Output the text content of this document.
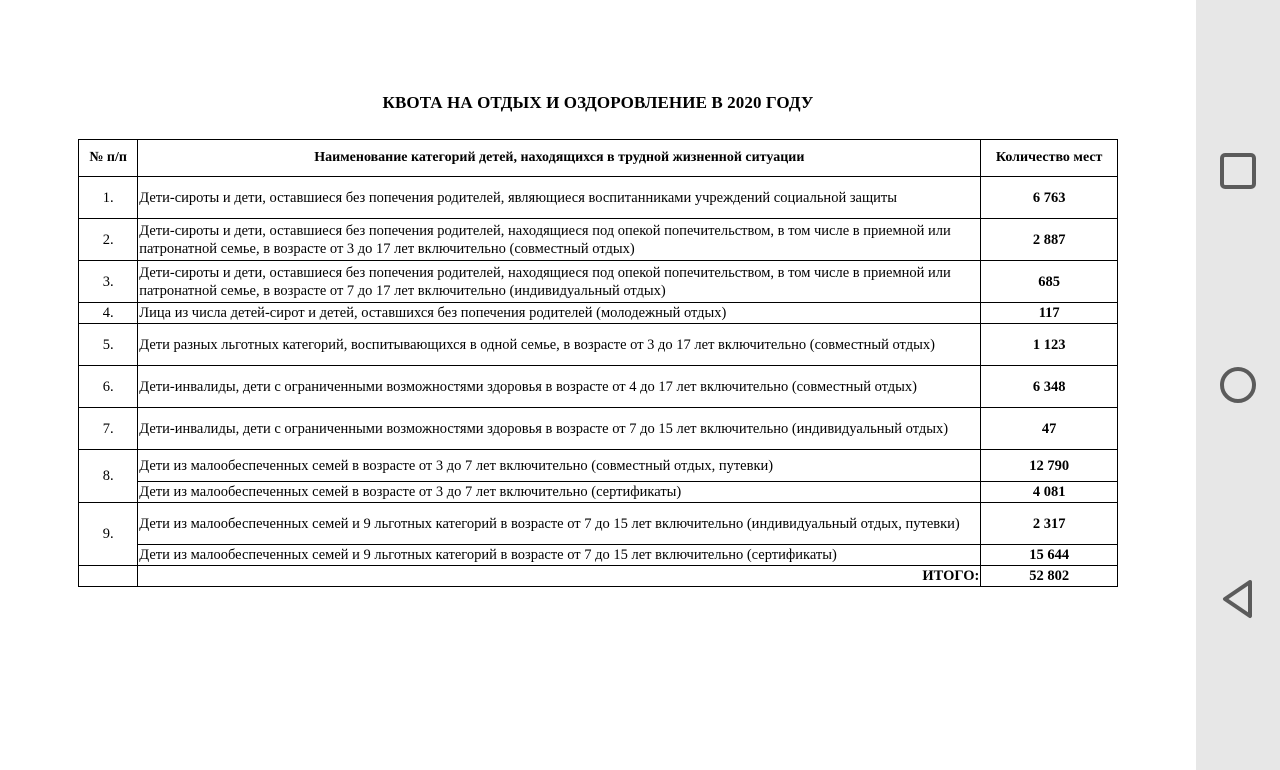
КВОТА НА ОТДЫХ И ОЗДОРОВЛЕНИЕ В 2020 ГОДУ
№ п/п	Наименование категорий детей, находящихся в трудной жизненной ситуации	Количество мест
1.	Дети-сироты и дети, оставшиеся без попечения родителей, являющиеся воспитанниками учреждений социальной защиты	6 763
2.	Дети-сироты и дети, оставшиеся без попечения родителей, находящиеся под опекой попечительством, в том числе в приемной или патронатной семье, в возрасте от 3 до 17 лет включительно (совместный отдых)	2 887
3.	Дети-сироты и дети, оставшиеся без попечения родителей, находящиеся под опекой попечительством, в том числе в приемной или патронатной семье, в возрасте от 7 до 17 лет включительно (индивидуальный отдых)	685
4.	Лица из числа детей-сирот и детей, оставшихся без попечения родителей (молодежный отдых)	117
5.	Дети разных льготных категорий, воспитывающихся в одной семье, в возрасте от 3 до 17 лет включительно (совместный отдых)	1 123
6.	Дети-инвалиды, дети с ограниченными возможностями здоровья в возрасте от 4 до 17 лет включительно (совместный отдых)	6 348
7.	Дети-инвалиды, дети с ограниченными возможностями здоровья в возрасте от 7 до 15 лет включительно (индивидуальный отдых)	47
8.	Дети из малообеспеченных семей в возрасте от 3 до 7 лет включительно (совместный отдых, путевки)	12 790
	Дети из малообеспеченных семей в возрасте от 3 до 7 лет включительно (сертификаты)	4 081
9.	Дети из малообеспеченных семей и 9 льготных категорий в возрасте от 7 до 15 лет включительно (индивидуальный отдых, путевки)	2 317
	Дети из малообеспеченных семей и 9 льготных категорий в возрасте от 7 до 15 лет включительно (сертификаты)	15 644
	ИТОГО:	52 802
